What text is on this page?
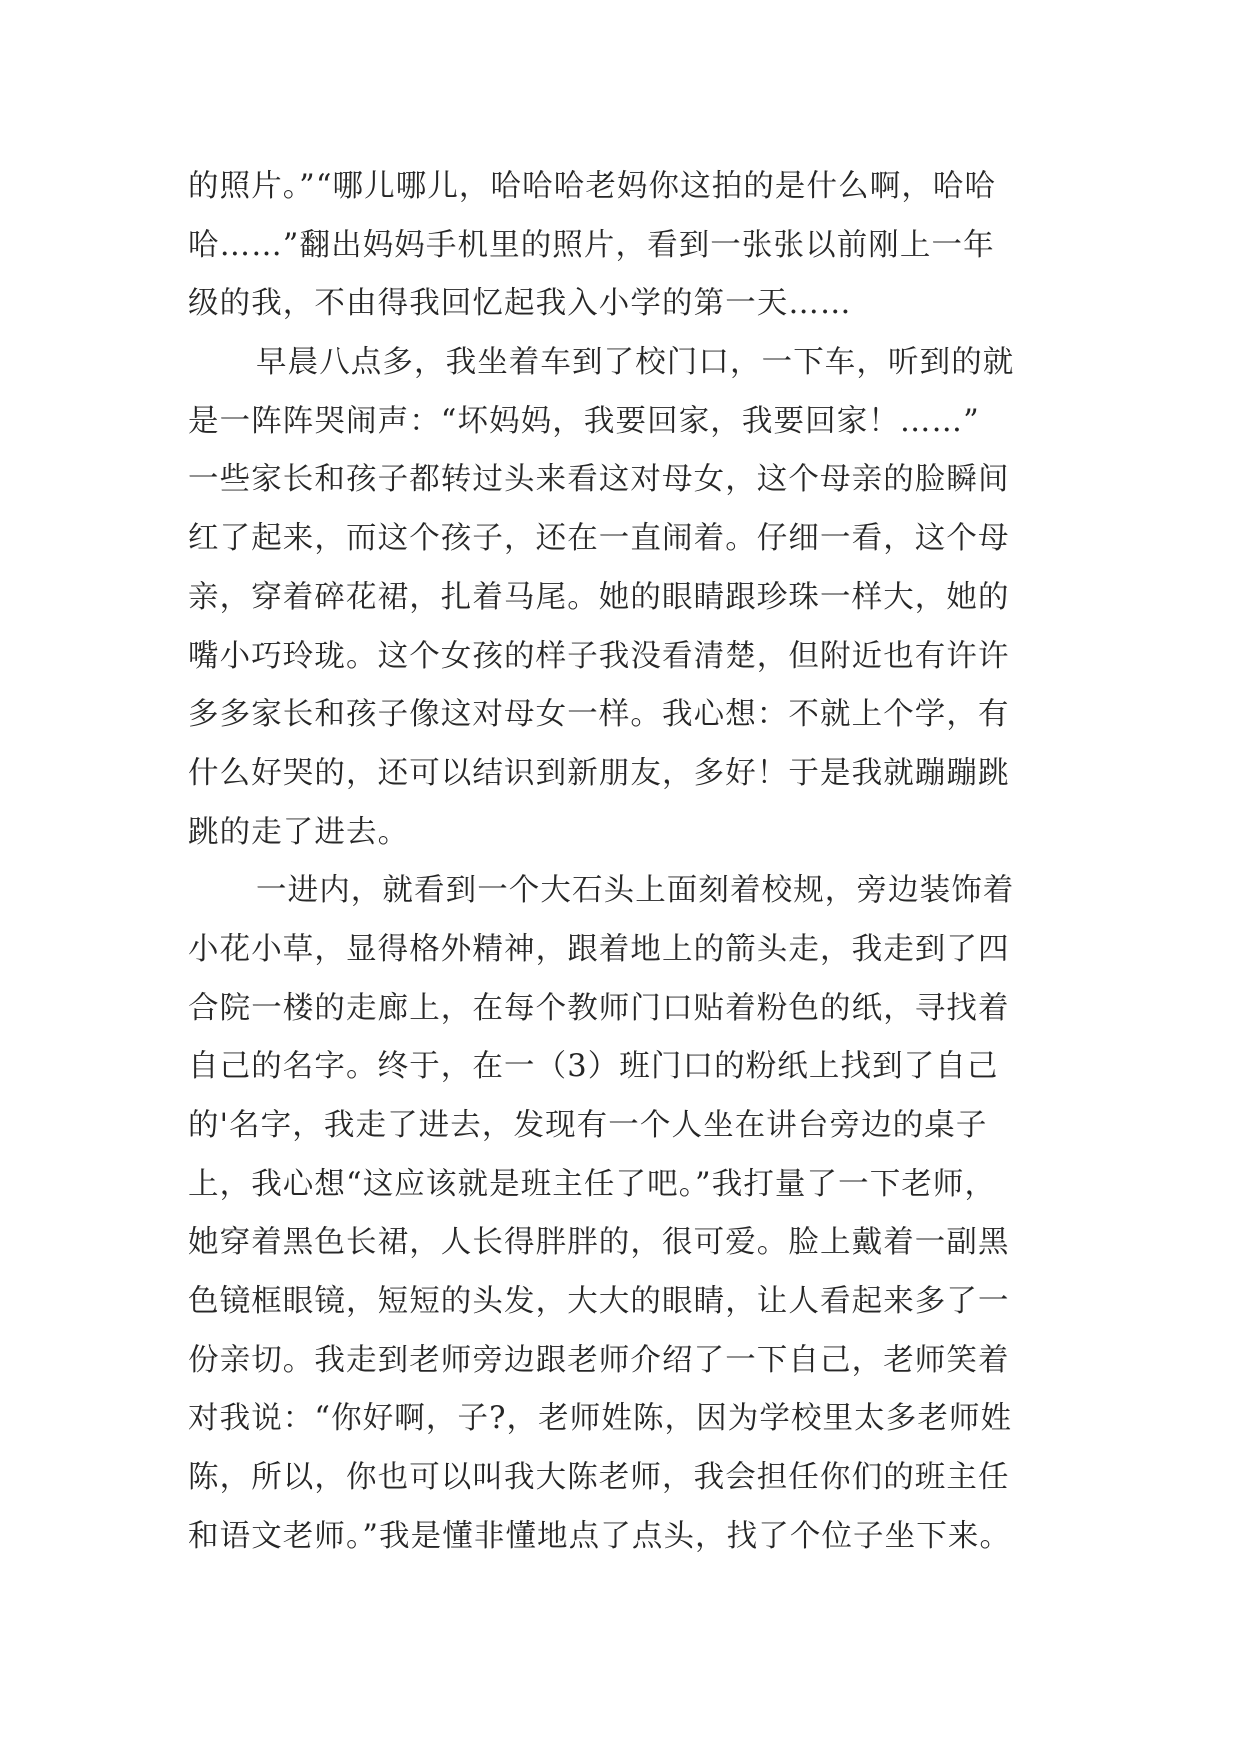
的照片。”“哪儿哪儿，哈哈哈老妈你这拍的是什么啊，哈哈
哈……”翻出妈妈手机里的照片，看到一张张以前刚上一年
级的我，不由得我回忆起我入小学的第一天……
早晨八点多，我坐着车到了校门口，一下车，听到的就
是一阵阵哭闹声：“坏妈妈，我要回家，我要回家！……”
一些家长和孩子都转过头来看这对母女，这个母亲的脸瞬间
红了起来，而这个孩子，还在一直闹着。仔细一看，这个母
亲，穿着碎花裙，扎着马尾。她的眼睛跟珍珠一样大，她的
嘴小巧玲珑。这个女孩的样子我没看清楚，但附近也有许许
多多家长和孩子像这对母女一样。我心想：不就上个学，有
什么好哭的，还可以结识到新朋友，多好！于是我就蹦蹦跳
跳的走了进去。
一进内，就看到一个大石头上面刻着校规，旁边装饰着
小花小草，显得格外精神，跟着地上的箭头走，我走到了四
合院一楼的走廊上，在每个教师门口贴着粉色的纸，寻找着
自己的名字。终于，在一（3）班门口的粉纸上找到了自己
的'名字，我走了进去，发现有一个人坐在讲台旁边的桌子
上，我心想“这应该就是班主任了吧。”我打量了一下老师，
她穿着黑色长裙，人长得胖胖的，很可爱。脸上戴着一副黑
色镜框眼镜，短短的头发，大大的眼睛，让人看起来多了一
份亲切。我走到老师旁边跟老师介绍了一下自己，老师笑着
对我说：“你好啊，子?，老师姓陈，因为学校里太多老师姓
陈，所以，你也可以叫我大陈老师，我会担任你们的班主任
和语文老师。”我是懂非懂地点了点头，找了个位子坐下来。
